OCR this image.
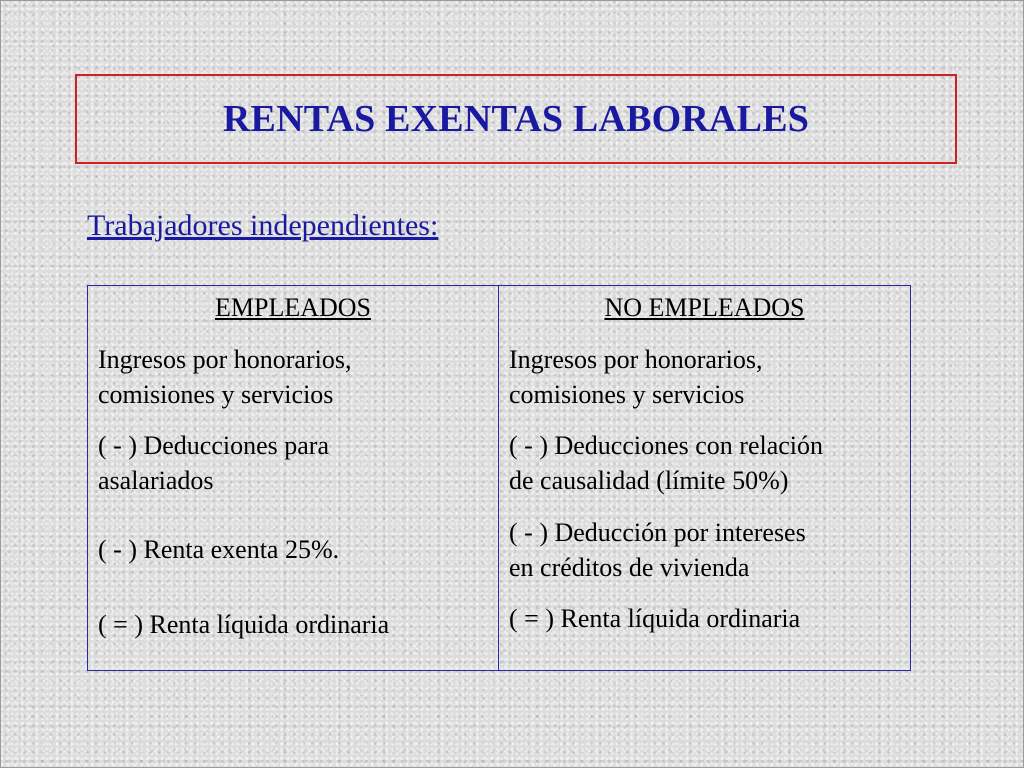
RENTAS EXENTAS LABORALES
Trabajadores independientes:
EMPLEADOS
Ingresos por honorarios,
comisiones y servicios
( - ) Deducciones para
asalariados
( - ) Renta exenta 25%.
( = ) Renta líquida ordinaria
NO EMPLEADOS
Ingresos por honorarios,
comisiones y servicios
( - ) Deducciones con relación
de causalidad (límite 50%)
( - ) Deducción por intereses
en créditos de vivienda
( = ) Renta líquida ordinaria
